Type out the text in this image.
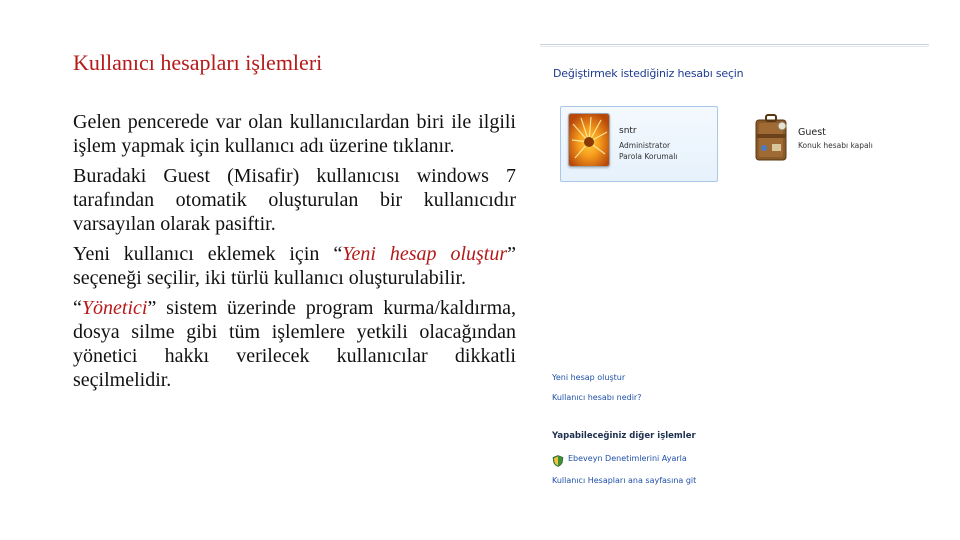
Kullanıcı hesapları işlemleri

Gelen pencerede var olan kullanıcılardan biri ile ilgili işlem yapmak için kullanıcı adı üzerine tıklanır.

Buradaki Guest (Misafir) kullanıcısı windows 7 tarafından otomatik oluşturulan bir kullanıcıdır varsayılan olarak pasiftir.

Yeni kullanıcı eklemek için “Yeni hesap oluştur” seçeneği seçilir, iki türlü kullanıcı oluşturulabilir.

“Yönetici” sistem üzerinde program kurma/kaldırma, dosya silme gibi tüm işlemlere yetkili olacağından yönetici hakkı verilecek kullanıcılar dikkatli seçilmelidir.

Değiştirmek istediğiniz hesabı seçin
sntr
Administrator
Parola Korumalı
Guest
Konuk hesabı kapalı
Yeni hesap oluştur
Kullanıcı hesabı nedir?
Yapabileceğiniz diğer işlemler
Ebeveyn Denetimlerini Ayarla
Kullanıcı Hesapları ana sayfasına git
